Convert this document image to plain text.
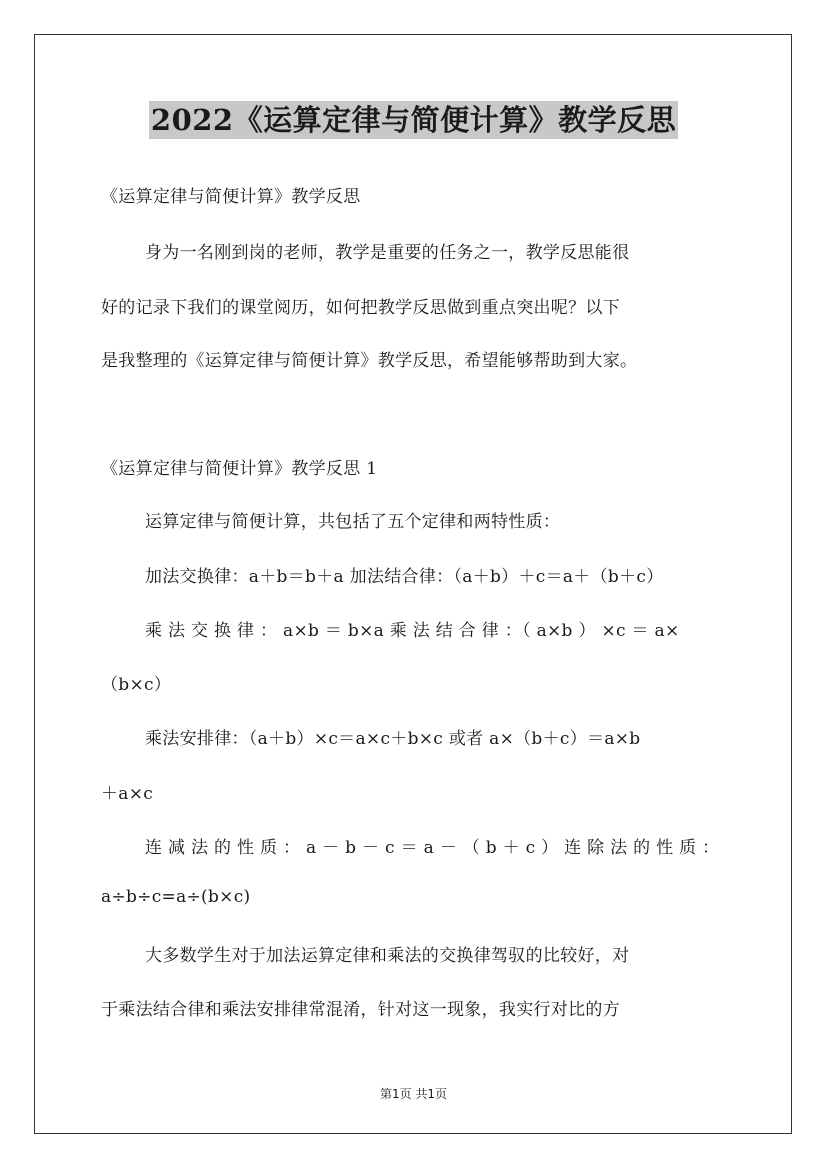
2022《运算定律与简便计算》教学反思
《运算定律与简便计算》教学反思
身为一名刚到岗的老师，教学是重要的任务之一，教学反思能很
好的记录下我们的课堂阅历，如何把教学反思做到重点突出呢？以下
是我整理的《运算定律与简便计算》教学反思，希望能够帮助到大家。
《运算定律与简便计算》教学反思 1
运算定律与简便计算，共包括了五个定律和两特性质：
加法交换律：a＋b＝b＋a 加法结合律：（a＋b）＋c＝a＋（b＋c）
乘 法 交 换 律 ： a×b ＝ b×a 乘 法 结 合 律 ：（ a×b ） ×c ＝ a×
（b×c）
乘法安排律：（a＋b）×c＝a×c＋b×c 或者 a×（b＋c）＝a×b
＋a×c
连 减 法 的 性 质 ： a － b － c ＝ a － （ b ＋ c ） 连 除 法 的 性 质 ：
a÷b÷c=a÷(b×c)
大多数学生对于加法运算定律和乘法的交换律驾驭的比较好，对
于乘法结合律和乘法安排律常混淆，针对这一现象，我实行对比的方
第1页 共1页
